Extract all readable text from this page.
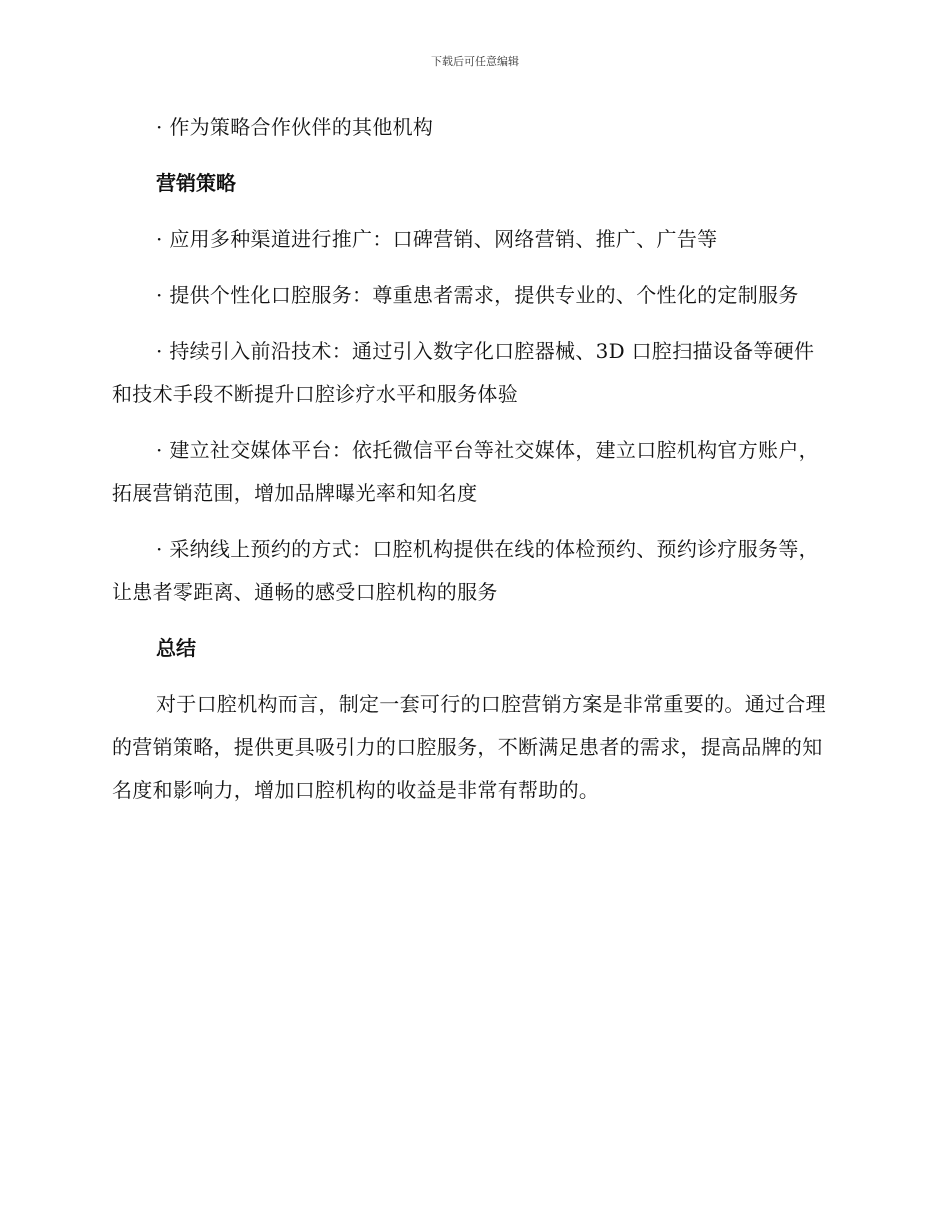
下载后可任意编辑

· 作为策略合作伙伴的其他机构

营销策略

· 应用多种渠道进行推广：口碑营销、网络营销、推广、广告等

· 提供个性化口腔服务：尊重患者需求，提供专业的、个性化的定制服务

· 持续引入前沿技术：通过引入数字化口腔器械、3D 口腔扫描设备等硬件和技术手段不断提升口腔诊疗水平和服务体验

· 建立社交媒体平台：依托微信平台等社交媒体，建立口腔机构官方账户，拓展营销范围，增加品牌曝光率和知名度

· 采纳线上预约的方式：口腔机构提供在线的体检预约、预约诊疗服务等，让患者零距离、通畅的感受口腔机构的服务

总结

对于口腔机构而言，制定一套可行的口腔营销方案是非常重要的。通过合理的营销策略，提供更具吸引力的口腔服务，不断满足患者的需求，提高品牌的知名度和影响力，增加口腔机构的收益是非常有帮助的。
